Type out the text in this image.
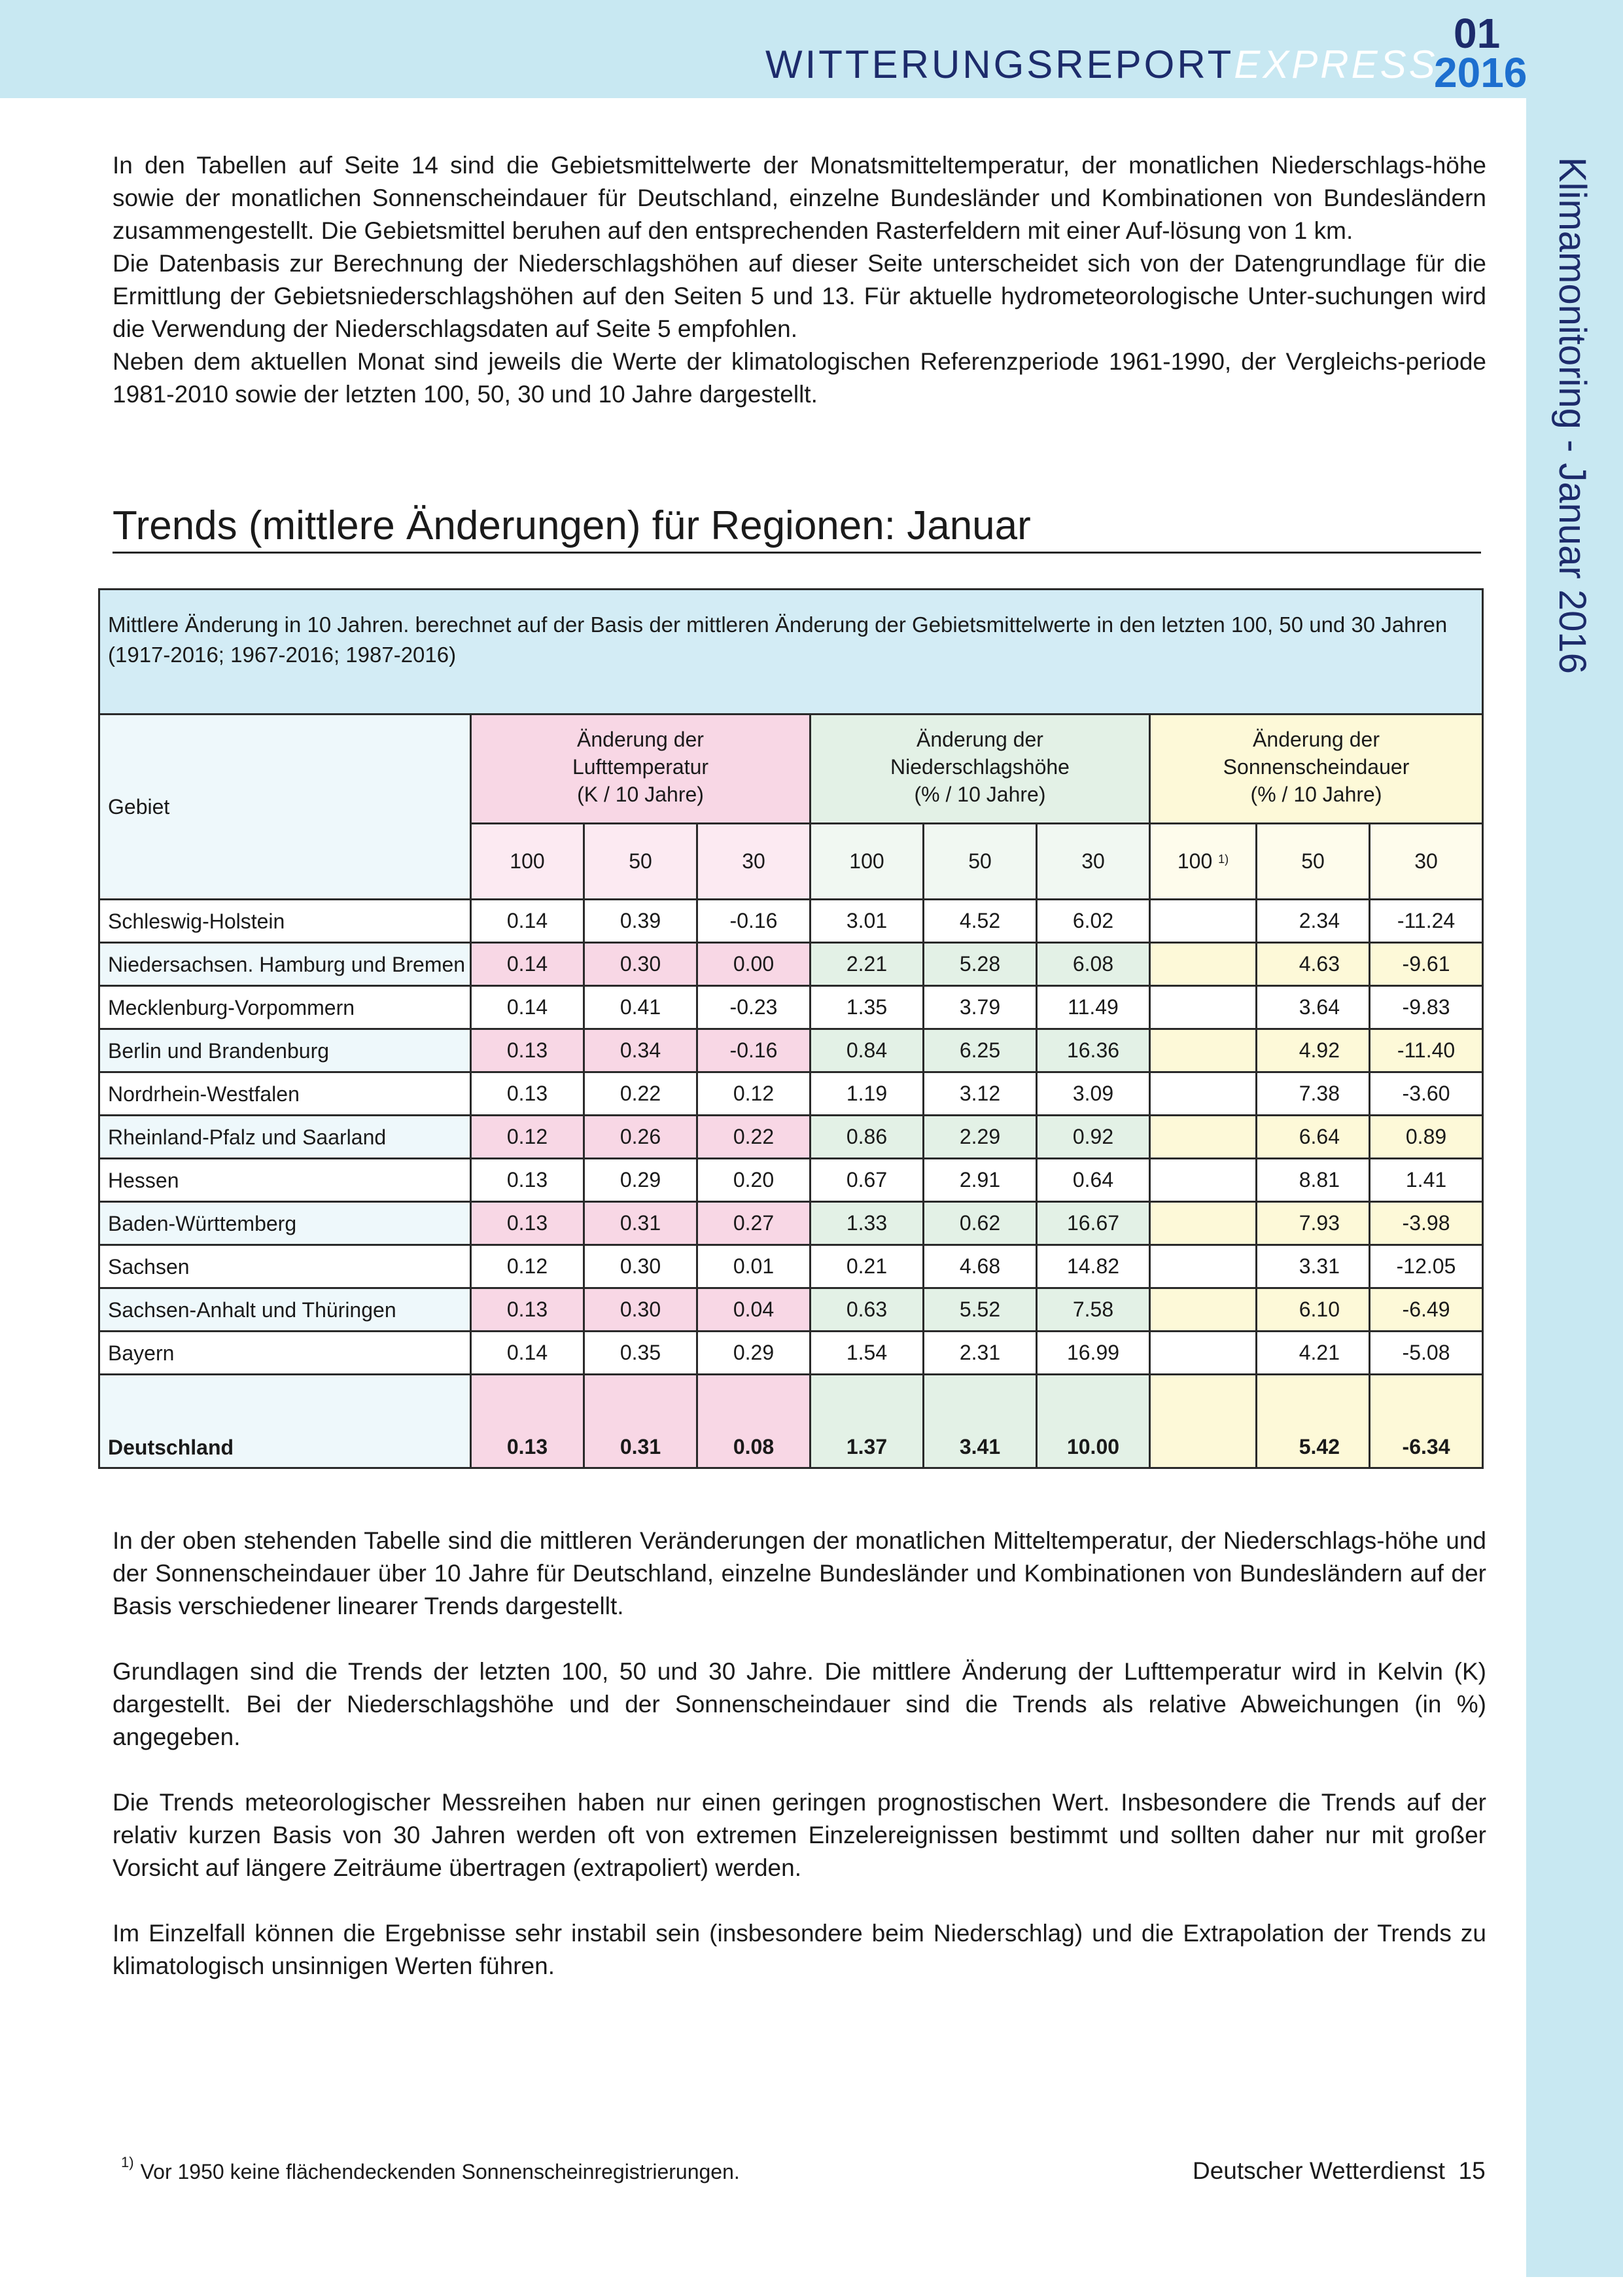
WITTERUNGSREPORTEXPRESS
01
2016
Klimamonitoring - Januar 2016

In den Tabellen auf Seite 14 sind die Gebietsmittelwerte der Monatsmitteltemperatur, der monatlichen Niederschlags-höhe sowie der monatlichen Sonnenscheindauer für Deutschland, einzelne Bundesländer und Kombinationen von Bundesländern zusammengestellt. Die Gebietsmittel beruhen auf den entsprechenden Rasterfeldern mit einer Auf-lösung von 1 km.

Die Datenbasis zur Berechnung der Niederschlagshöhen auf dieser Seite unterscheidet sich von der Datengrundlage für die Ermittlung der Gebietsniederschlagshöhen auf den Seiten 5 und 13. Für aktuelle hydrometeorologische Unter-suchungen wird die Verwendung der Niederschlagsdaten auf Seite 5 empfohlen.

Neben dem aktuellen Monat sind jeweils die Werte der klimatologischen Referenzperiode 1961-1990, der Vergleichs-periode 1981-2010 sowie der letzten 100, 50, 30 und 10 Jahre dargestellt.

Trends (mittlere Änderungen) für Regionen: Januar
Mittlere Änderung in 10 Jahren. berechnet auf der Basis der mittleren Änderung der Gebietsmittelwerte in den letzten 100, 50 und 30 Jahren (1917-2016; 1967-2016; 1987-2016)									
Gebiet	Änderung der
Lufttemperatur
(K / 10 Jahre)			Änderung der
Niederschlagshöhe
(% / 10 Jahre)			Änderung der
Sonnenscheindauer
(% / 10 Jahre)		

	100	50	30	100	50	30	100 $^{1)}$	50	30
Schleswig-Holstein	0.14	0.39	-0.16	3.01	4.52	6.02		2.34	-11.24
Niedersachsen. Hamburg und Bremen	0.14	0.30	0.00	2.21	5.28	6.08		4.63	-9.61
Mecklenburg-Vorpommern	0.14	0.41	-0.23	1.35	3.79	11.49		3.64	-9.83
Berlin und Brandenburg	0.13	0.34	-0.16	0.84	6.25	16.36		4.92	-11.40
Nordrhein-Westfalen	0.13	0.22	0.12	1.19	3.12	3.09		7.38	-3.60
Rheinland-Pfalz und Saarland	0.12	0.26	0.22	0.86	2.29	0.92		6.64	0.89
Hessen	0.13	0.29	0.20	0.67	2.91	0.64		8.81	1.41
Baden-Württemberg	0.13	0.31	0.27	1.33	0.62	16.67		7.93	-3.98
Sachsen	0.12	0.30	0.01	0.21	4.68	14.82		3.31	-12.05
Sachsen-Anhalt und Thüringen	0.13	0.30	0.04	0.63	5.52	7.58		6.10	-6.49
Bayern	0.14	0.35	0.29	1.54	2.31	16.99		4.21	-5.08
Deutschland	0.13	0.31	0.08	1.37	3.41	10.00		5.42	-6.34

In der oben stehenden Tabelle sind die mittleren Veränderungen der monatlichen Mitteltemperatur, der Niederschlags-höhe und der Sonnenscheindauer über 10 Jahre für Deutschland, einzelne Bundesländer und Kombinationen von Bundesländern auf der Basis verschiedener linearer Trends dargestellt.

Grundlagen sind die Trends der letzten 100, 50 und 30 Jahre. Die mittlere Änderung der Lufttemperatur wird in Kelvin (K) dargestellt. Bei der Niederschlagshöhe und der Sonnenscheindauer sind die Trends als relative Abweichungen (in %) angegeben.

Die Trends meteorologischer Messreihen haben nur einen geringen prognostischen Wert. Insbesondere die Trends auf der relativ kurzen Basis von 30 Jahren werden oft von extremen Einzelereignissen bestimmt und sollten daher nur mit großer Vorsicht auf längere Zeiträume übertragen (extrapoliert) werden.

Im Einzelfall können die Ergebnisse sehr instabil sein (insbesondere beim Niederschlag) und die Extrapolation der Trends zu klimatologisch unsinnigen Werten führen.

$^{1)}$ Vor 1950 keine flächendeckenden Sonnenscheinregistrierungen.	Deutscher Wetterdienst 15
